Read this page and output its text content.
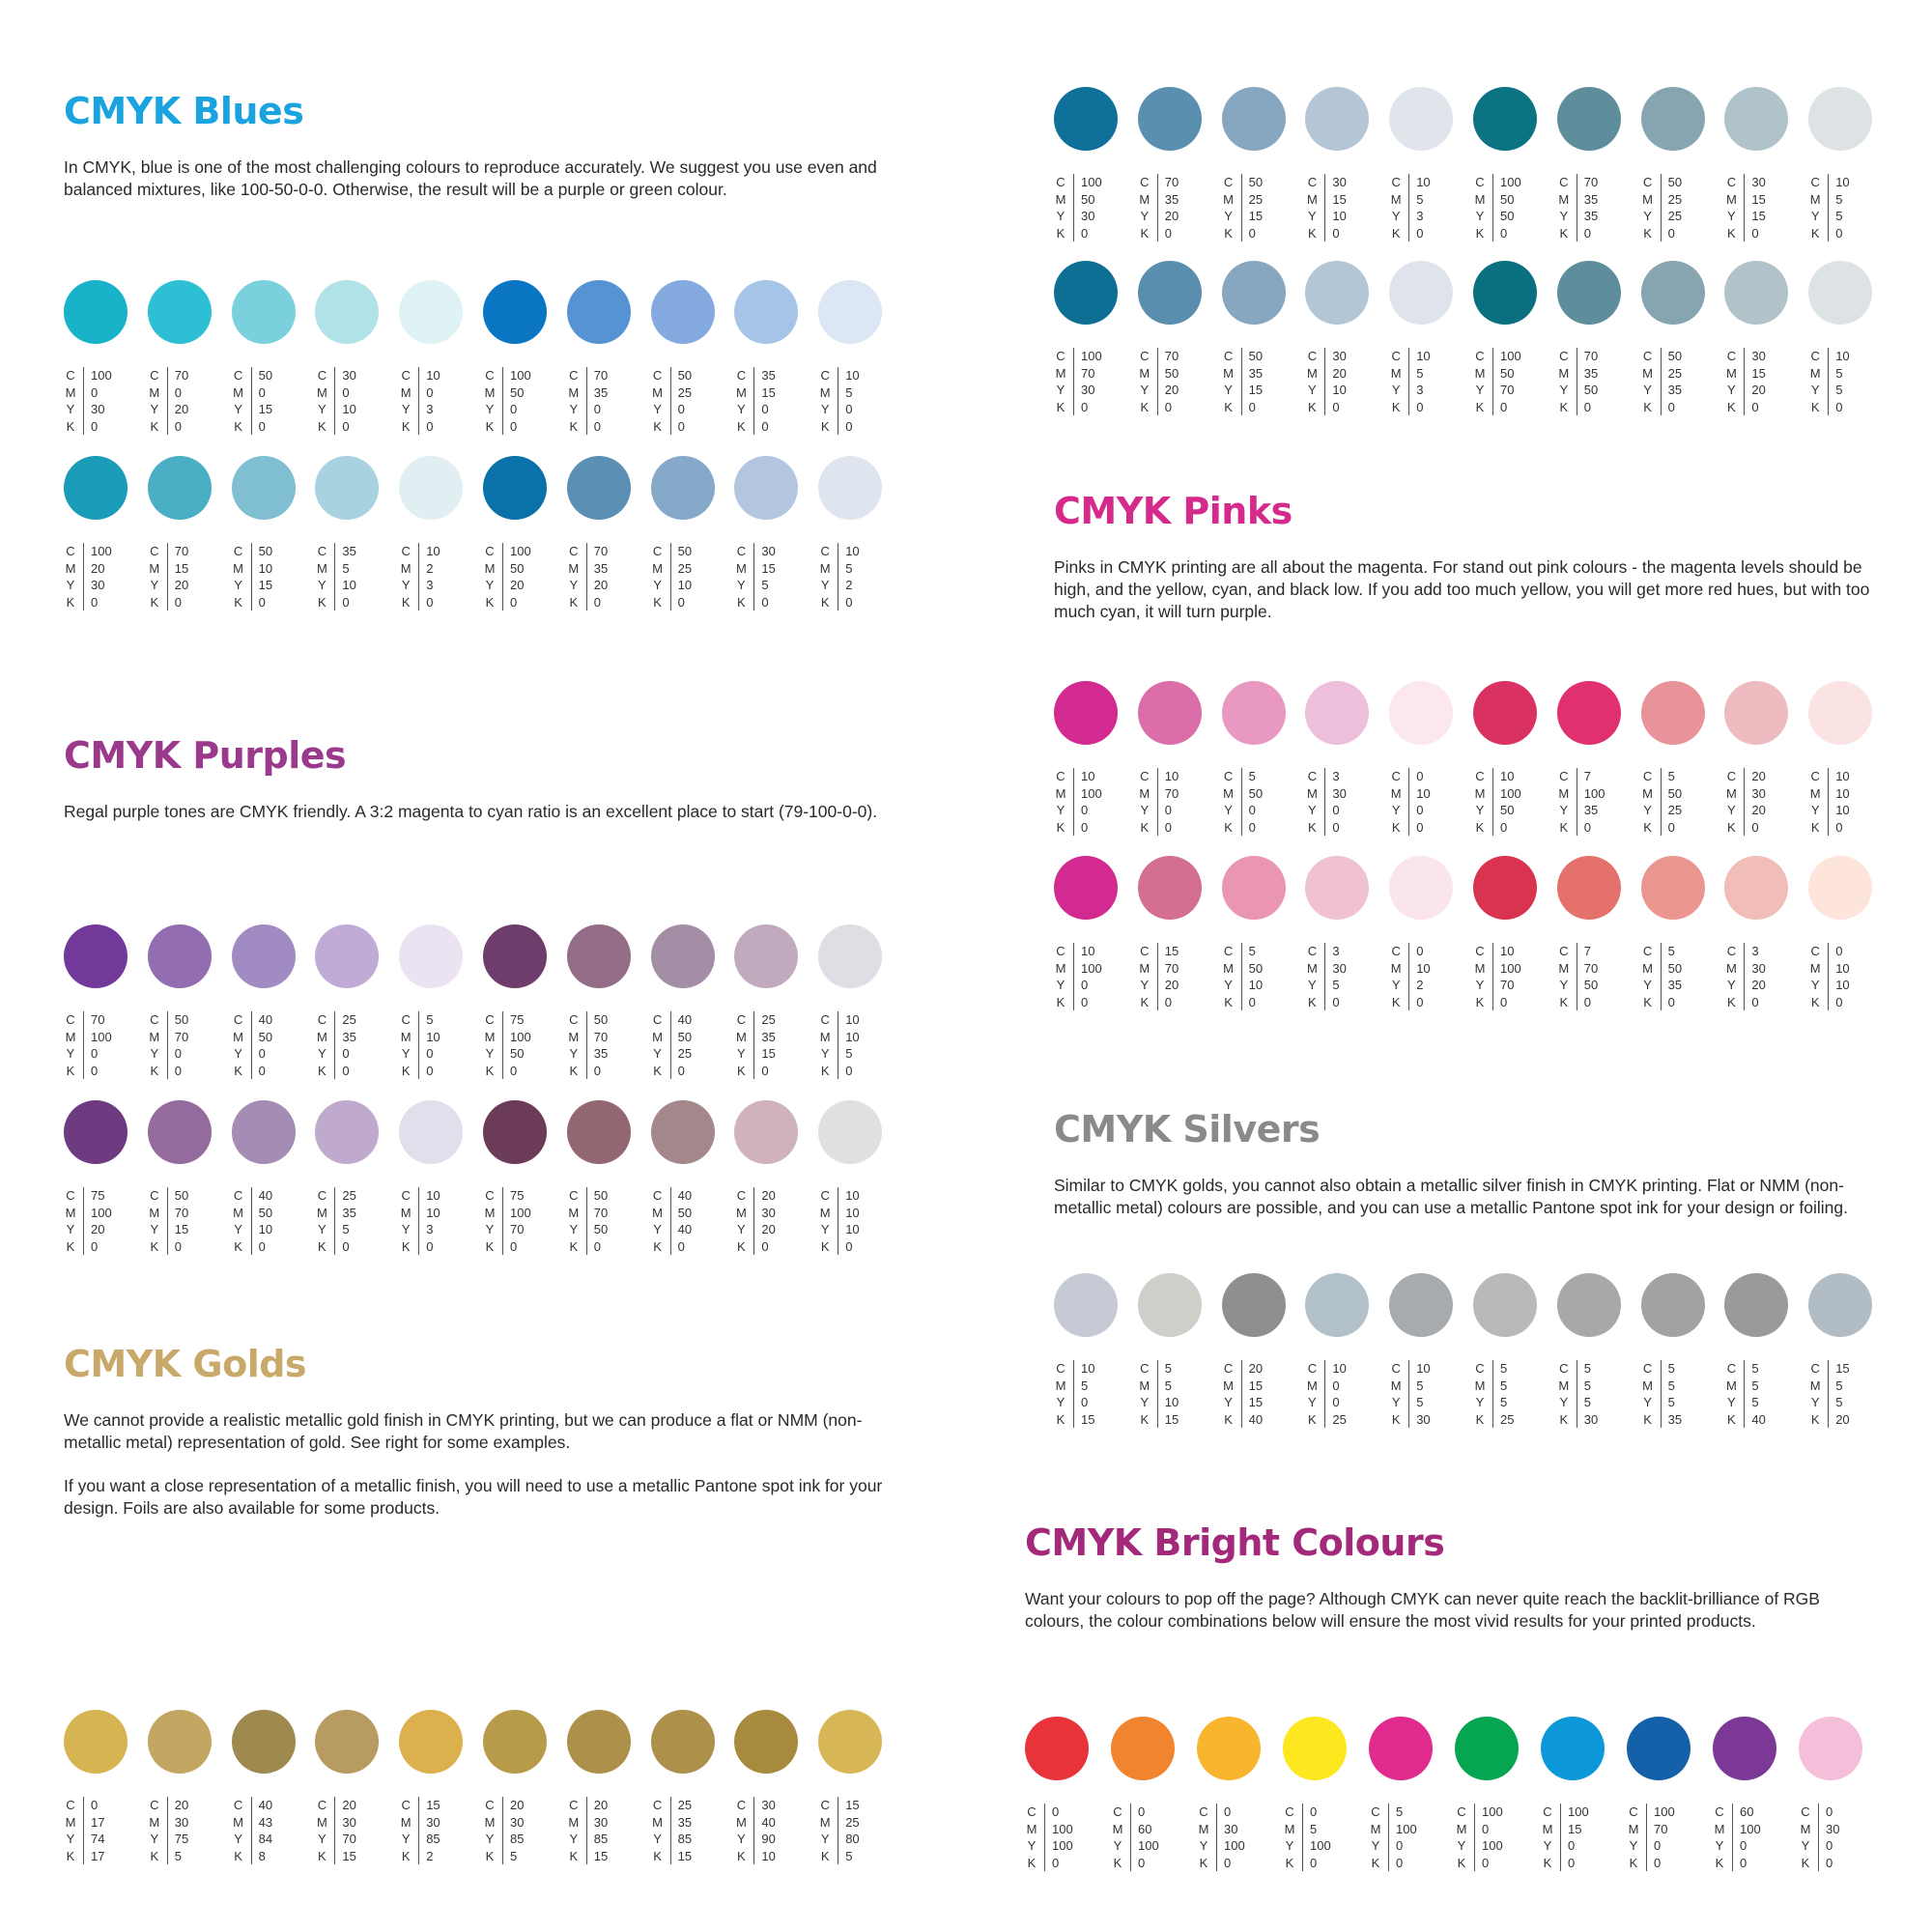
CMYK Blues

In CMYK, blue is one of the most challenging colours to reproduce accurately. We suggest you use even and
balanced mixtures, like 100-50-0-0. Otherwise, the result will be a purple or green colour.

C
M
Y
K
100
0
30
0
C
M
Y
K
70
0
20
0
C
M
Y
K
50
0
15
0
C
M
Y
K
30
0
10
0
C
M
Y
K
10
0
3
0
C
M
Y
K
100
50
0
0
C
M
Y
K
70
35
0
0
C
M
Y
K
50
25
0
0
C
M
Y
K
35
15
0
0
C
M
Y
K
10
5
0
0
C
M
Y
K
100
20
30
0
C
M
Y
K
70
15
20
0
C
M
Y
K
50
10
15
0
C
M
Y
K
35
5
10
0
C
M
Y
K
10
2
3
0
C
M
Y
K
100
50
20
0
C
M
Y
K
70
35
20
0
C
M
Y
K
50
25
10
0
C
M
Y
K
30
15
5
0
C
M
Y
K
10
5
2
0
CMYK Purples

Regal purple tones are CMYK friendly. A 3:2 magenta to cyan ratio is an excellent place to start (79-100-0-0).

C
M
Y
K
70
100
0
0
C
M
Y
K
50
70
0
0
C
M
Y
K
40
50
0
0
C
M
Y
K
25
35
0
0
C
M
Y
K
5
10
0
0
C
M
Y
K
75
100
50
0
C
M
Y
K
50
70
35
0
C
M
Y
K
40
50
25
0
C
M
Y
K
25
35
15
0
C
M
Y
K
10
10
5
0
C
M
Y
K
75
100
20
0
C
M
Y
K
50
70
15
0
C
M
Y
K
40
50
10
0
C
M
Y
K
25
35
5
0
C
M
Y
K
10
10
3
0
C
M
Y
K
75
100
70
0
C
M
Y
K
50
70
50
0
C
M
Y
K
40
50
40
0
C
M
Y
K
20
30
20
0
C
M
Y
K
10
10
10
0
CMYK Golds

We cannot provide a realistic metallic gold finish in CMYK printing, but we can produce a flat or NMM (non-
metallic metal) representation of gold. See right for some examples.

If you want a close representation of a metallic finish, you will need to use a metallic Pantone spot ink for your
design. Foils are also available for some products.

C
M
Y
K
0
17
74
17
C
M
Y
K
20
30
75
5
C
M
Y
K
40
43
84
8
C
M
Y
K
20
30
70
15
C
M
Y
K
15
30
85
2
C
M
Y
K
20
30
85
5
C
M
Y
K
20
30
85
15
C
M
Y
K
25
35
85
15
C
M
Y
K
30
40
90
10
C
M
Y
K
15
25
80
5
C
M
Y
K
100
50
30
0
C
M
Y
K
70
35
20
0
C
M
Y
K
50
25
15
0
C
M
Y
K
30
15
10
0
C
M
Y
K
10
5
3
0
C
M
Y
K
100
50
50
0
C
M
Y
K
70
35
35
0
C
M
Y
K
50
25
25
0
C
M
Y
K
30
15
15
0
C
M
Y
K
10
5
5
0
C
M
Y
K
100
70
30
0
C
M
Y
K
70
50
20
0
C
M
Y
K
50
35
15
0
C
M
Y
K
30
20
10
0
C
M
Y
K
10
5
3
0
C
M
Y
K
100
50
70
0
C
M
Y
K
70
35
50
0
C
M
Y
K
50
25
35
0
C
M
Y
K
30
15
20
0
C
M
Y
K
10
5
5
0
CMYK Pinks

Pinks in CMYK printing are all about the magenta. For stand out pink colours - the magenta levels should be
high, and the yellow, cyan, and black low. If you add too much yellow, you will get more red hues, but with too
much cyan, it will turn purple.

C
M
Y
K
10
100
0
0
C
M
Y
K
10
70
0
0
C
M
Y
K
5
50
0
0
C
M
Y
K
3
30
0
0
C
M
Y
K
0
10
0
0
C
M
Y
K
10
100
50
0
C
M
Y
K
7
100
35
0
C
M
Y
K
5
50
25
0
C
M
Y
K
20
30
20
0
C
M
Y
K
10
10
10
0
C
M
Y
K
10
100
0
0
C
M
Y
K
15
70
20
0
C
M
Y
K
5
50
10
0
C
M
Y
K
3
30
5
0
C
M
Y
K
0
10
2
0
C
M
Y
K
10
100
70
0
C
M
Y
K
7
70
50
0
C
M
Y
K
5
50
35
0
C
M
Y
K
3
30
20
0
C
M
Y
K
0
10
10
0
CMYK Silvers

Similar to CMYK golds, you cannot also obtain a metallic silver finish in CMYK printing. Flat or NMM (non-
metallic metal) colours are possible, and you can use a metallic Pantone spot ink for your design or foiling.

C
M
Y
K
10
5
0
15
C
M
Y
K
5
5
10
15
C
M
Y
K
20
15
15
40
C
M
Y
K
10
0
0
25
C
M
Y
K
10
5
5
30
C
M
Y
K
5
5
5
25
C
M
Y
K
5
5
5
30
C
M
Y
K
5
5
5
35
C
M
Y
K
5
5
5
40
C
M
Y
K
15
5
5
20
CMYK Bright Colours

Want your colours to pop off the page? Although CMYK can never quite reach the backlit-brilliance of RGB
colours, the colour combinations below will ensure the most vivid results for your printed products.

C
M
Y
K
0
100
100
0
C
M
Y
K
0
60
100
0
C
M
Y
K
0
30
100
0
C
M
Y
K
0
5
100
0
C
M
Y
K
5
100
0
0
C
M
Y
K
100
0
100
0
C
M
Y
K
100
15
0
0
C
M
Y
K
100
70
0
0
C
M
Y
K
60
100
0
0
C
M
Y
K
0
30
0
0
